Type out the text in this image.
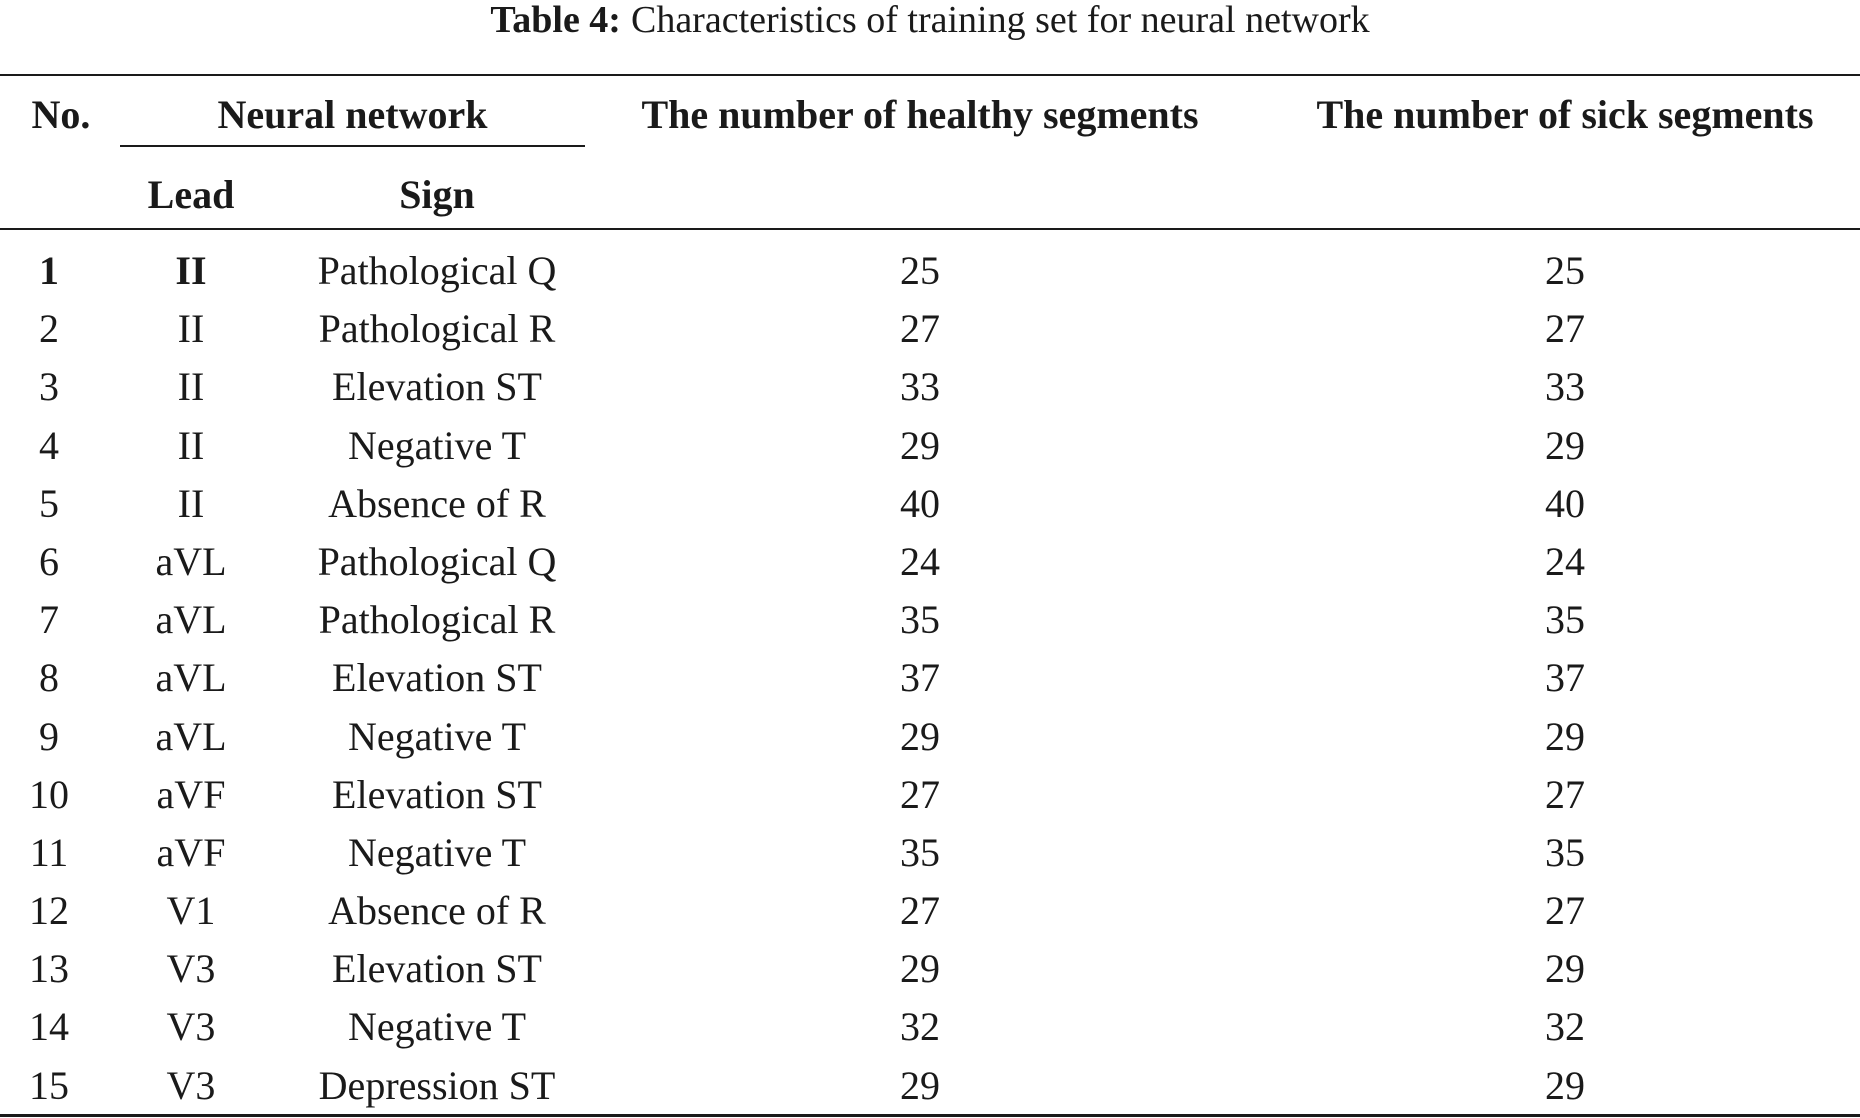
Table 4: Characteristics of training set for neural network
No.	Neural network	The number of healthy segments	The number of sick segments
Lead	Sign
1	II	Pathological Q	25	25
2	II	Pathological R	27	27
3	II	Elevation ST	33	33
4	II	Negative T	29	29
5	II	Absence of R	40	40
6	aVL	Pathological Q	24	24
7	aVL	Pathological R	35	35
8	aVL	Elevation ST	37	37
9	aVL	Negative T	29	29
10	aVF	Elevation ST	27	27
11	aVF	Negative T	35	35
12	V1	Absence of R	27	27
13	V3	Elevation ST	29	29
14	V3	Negative T	32	32
15	V3	Depression ST	29	29
